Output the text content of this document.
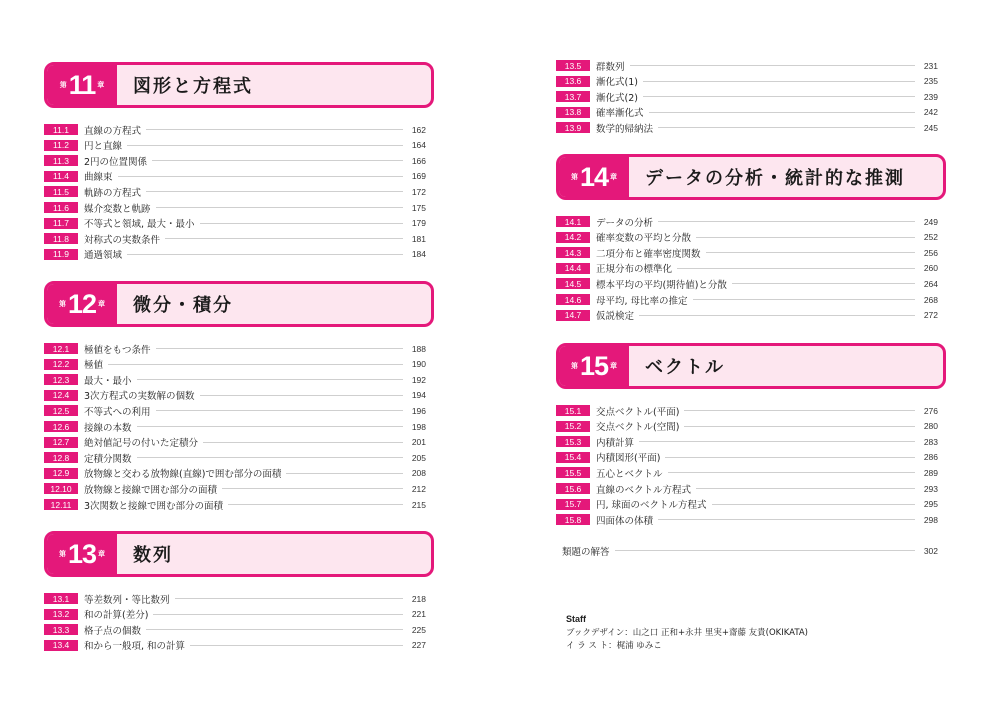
第 11 章 図形と方程式
11.1	直線の方程式	162
11.2	円と直線	164
11.3	2円の位置関係	166
11.4	曲線束	169
11.5	軌跡の方程式	172
11.6	媒介変数と軌跡	175
11.7	不等式と領域, 最大・最小	179
11.8	対称式の実数条件	181
11.9	通過領域	184
第 12 章 微分・積分
12.1	極値をもつ条件	188
12.2	極値	190
12.3	最大・最小	192
12.4	3次方程式の実数解の個数	194
12.5	不等式への利用	196
12.6	接線の本数	198
12.7	絶対値記号の付いた定積分	201
12.8	定積分関数	205
12.9	放物線と交わる放物線(直線)で囲む部分の面積	208
12.10	放物線と接線で囲む部分の面積	212
12.11	3次関数と接線で囲む部分の面積	215
第 13 章 数列
13.1	等差数列・等比数列	218
13.2	和の計算(差分)	221
13.3	格子点の個数	225
13.4	和から一般項, 和の計算	227
13.5	群数列	231
13.6	漸化式(1)	235
13.7	漸化式(2)	239
13.8	確率漸化式	242
13.9	数学的帰納法	245
第 14 章 データの分析・統計的な推測
14.1	データの分析	249
14.2	確率変数の平均と分散	252
14.3	二項分布と確率密度関数	256
14.4	正規分布の標準化	260
14.5	標本平均の平均(期待値)と分散	264
14.6	母平均, 母比率の推定	268
14.7	仮説検定	272
第 15 章 ベクトル
15.1	交点ベクトル(平面)	276
15.2	交点ベクトル(空間)	280
15.3	内積計算	283
15.4	内積図形(平面)	286
15.5	五心とベクトル	289
15.6	直線のベクトル方程式	293
15.7	円, 球面のベクトル方程式	295
15.8	四面体の体積	298
類題の解答	302
Staff
ブックデザイン：山之口 正和+永井 里実+齋藤 友貴(OKIKATA)
イ ラ ス ト：梶浦 ゆみこ
